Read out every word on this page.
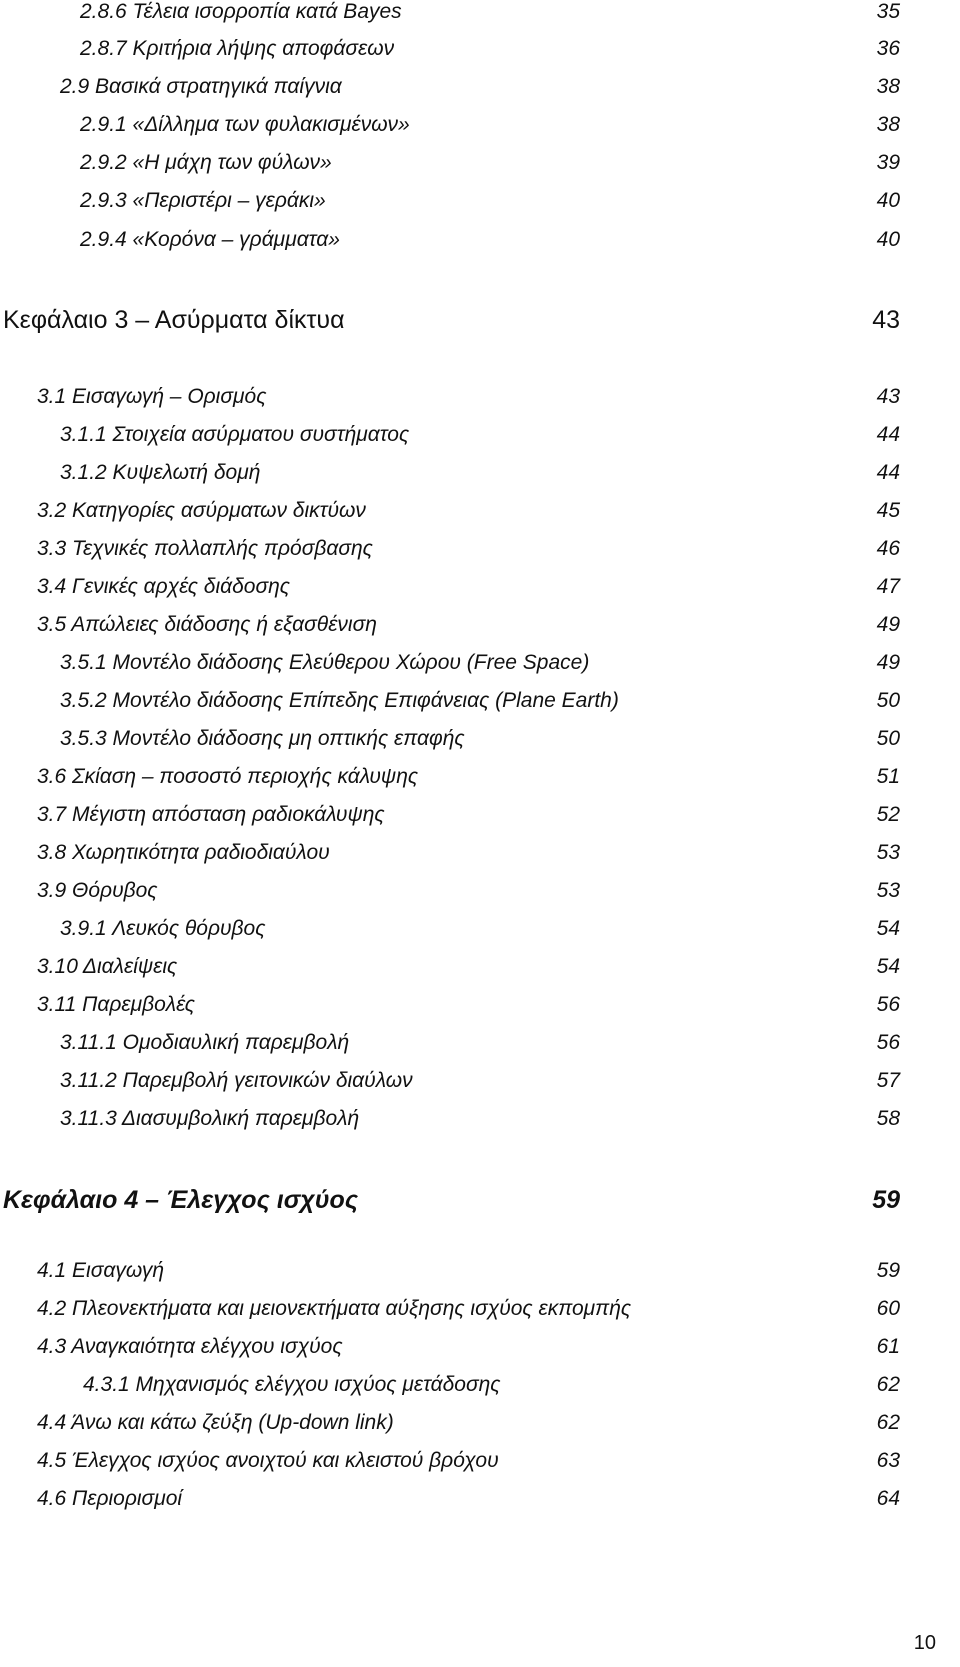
2.8.6 Τέλεια ισορροπία κατά Bayes	35
2.8.7 Κριτήρια λήψης αποφάσεων	36
2.9 Βασικά στρατηγικά παίγνια	38
2.9.1 «Δίλλημα των φυλακισμένων»	38
2.9.2 «Η μάχη των φύλων»	39
2.9.3 «Περιστέρι – γεράκι»	40
2.9.4 «Κορόνα – γράμματα»	40
Κεφάλαιο 3 – Ασύρματα δίκτυα	43
3.1 Εισαγωγή – Ορισμός	43
3.1.1 Στοιχεία ασύρματου συστήματος	44
3.1.2 Κυψελωτή δομή	44
3.2 Κατηγορίες ασύρματων δικτύων	45
3.3 Τεχνικές πολλαπλής πρόσβασης	46
3.4 Γενικές αρχές διάδοσης	47
3.5 Απώλειες διάδοσης ή εξασθένιση	49
3.5.1 Μοντέλο διάδοσης Ελεύθερου Χώρου (Free Space)	49
3.5.2 Μοντέλο διάδοσης Επίπεδης Επιφάνειας (Plane Earth)	50
3.5.3 Μοντέλο διάδοσης μη οπτικής επαφής	50
3.6 Σκίαση – ποσοστό περιοχής κάλυψης	51
3.7 Μέγιστη απόσταση ραδιοκάλυψης	52
3.8 Χωρητικότητα ραδιοδιαύλου	53
3.9 Θόρυβος	53
3.9.1 Λευκός θόρυβος	54
3.10 Διαλείψεις	54
3.11 Παρεμβολές	56
3.11.1 Ομοδιαυλική παρεμβολή	56
3.11.2 Παρεμβολή γειτονικών διαύλων	57
3.11.3 Διασυμβολική παρεμβολή	58
Κεφάλαιο 4 – Έλεγχος ισχύος	59
4.1 Εισαγωγή	59
4.2 Πλεονεκτήματα και μειονεκτήματα αύξησης ισχύος εκπομπής	60
4.3 Αναγκαιότητα ελέγχου ισχύος	61
4.3.1 Μηχανισμός ελέγχου ισχύος μετάδοσης	62
4.4 Άνω και κάτω ζεύξη (Up-down link)	62
4.5 Έλεγχος ισχύος ανοιχτού και κλειστού βρόχου	63
4.6 Περιορισμοί	64
10
